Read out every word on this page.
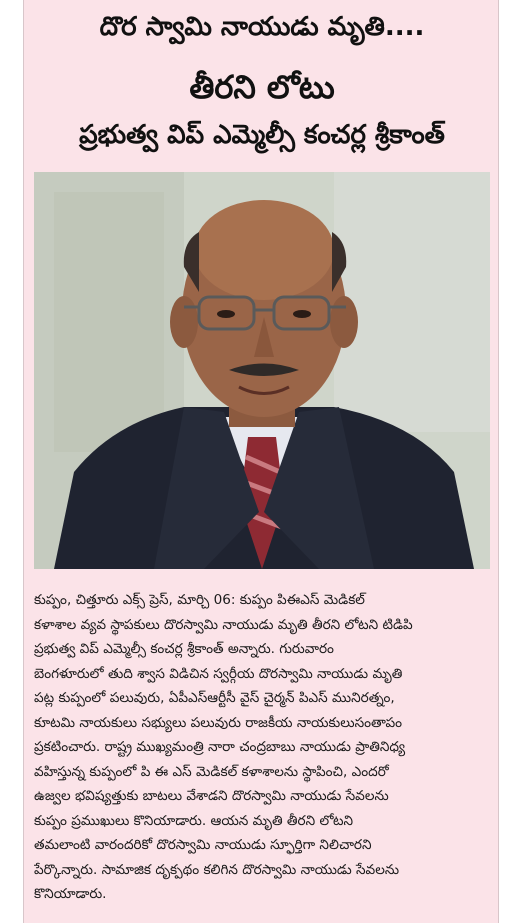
దొర స్వామి నాయుడు మృతి....
తీరని లోటు
ప్రభుత్వ విప్ ఎమ్మెల్సీ కంచర్ల శ్రీకాంత్
కుప్పం, చిత్తూరు ఎక్స్ ప్రెస్, మార్చి 06: కుప్పం పిఈఎస్ మెడికల్
కళాశాల వ్యవ స్థాపకులు దొరస్వామి నాయుడు మృతి తీరని లోటని టిడిపి
ప్రభుత్వ విప్ ఎమ్మెల్సీ కంచర్ల శ్రీకాంత్ అన్నారు. గురువారం
బెంగళూరులో తుది శ్వాస విడిచిన స్వర్గీయ దొరస్వామి నాయుడు మృతి
పట్ల కుప్పంలో పలువురు, ఏపీఎస్ఆర్టీసీ వైస్ చైర్మన్ పిఎస్ మునిరత్నం,
కూటమి నాయకులు సభ్యులు పలువురు రాజకీయ నాయకులుసంతాపం
ప్రకటించారు. రాష్ట్ర ముఖ్యమంత్రి నారా చంద్రబాబు నాయుడు ప్రాతినిధ్య
వహిస్తున్న కుప్పంలో పి ఈ ఎస్ మెడికల్ కళాశాలను స్థాపించి, ఎందరో
ఉజ్వల భవిష్యత్తుకు బాటలు వేశాడని దొరస్వామి నాయుడు సేవలను
కుప్పం ప్రముఖులు కొనియాడారు. ఆయన మృతి తీరని లోటని
తమలాంటి వారందరికో దొరస్వామి నాయుడు స్ఫూర్తిగా నిలిచారని
పేర్కొన్నారు. సామాజిక దృక్పథం కలిగిన దొరస్వామి నాయుడు సేవలను
కొనియాడారు.
